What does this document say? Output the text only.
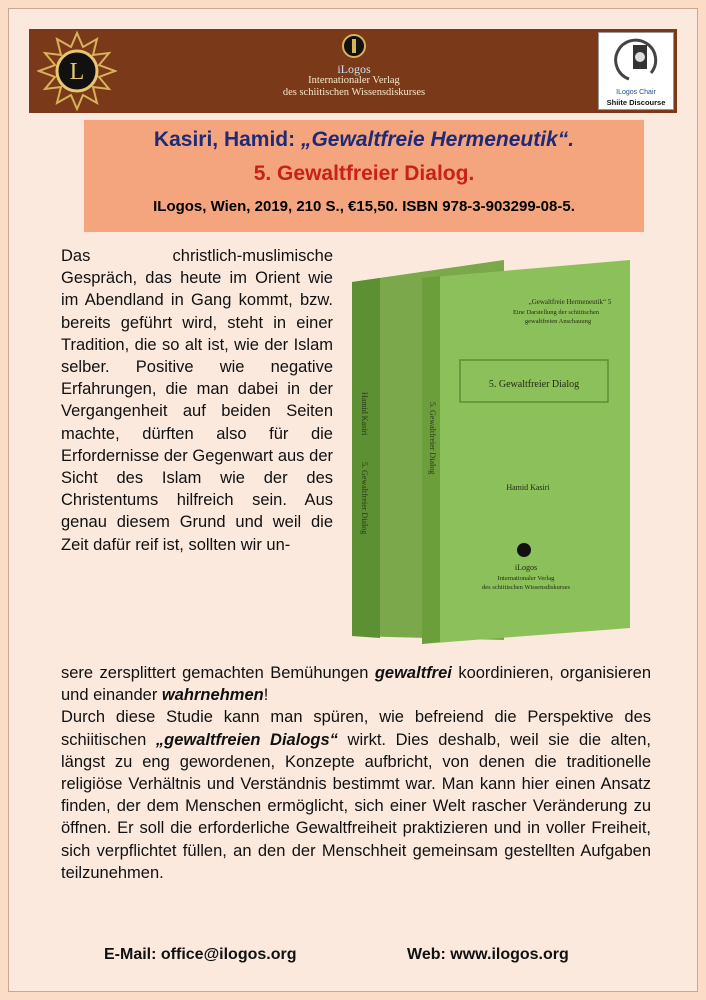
L	iLogos
Internationaler Verlag
des schiitischen Wissensdiskurses	ILogos Chair
Shiite Discourse
Kasiri, Hamid: „Gewaltfreie Hermeneutik“.
5. Gewaltfreier Dialog.
ILogos, Wien, 2019, 210 S., €15,50. ISBN 978-3-903299-08-5.

Das christlich-muslimische Gespräch, das heute im Orient wie im Abendland in Gang kommt, bzw. bereits geführt wird, steht in einer Tradition, die so alt ist, wie der Islam selber. Positive wie negative Erfahrungen, die man dabei in der Vergangenheit auf beiden Seiten machte, dürften also für die Erfordernisse der Gegenwart aus der Sicht des Islam wie der des Christentums hilfreich sein. Aus genau diesem Grund und weil die Zeit dafür reif ist, sollten wir un-

Hamid Kasiri
5. Gewaltfreier Dialog
5. Gewaltfreier Dialog
„Gewaltfreie Hermeneutik“ 5
Eine Darstellung der schiitischen
gewaltfreien Anschauung
5. Gewaltfreier Dialog
Hamid Kasiri
iLogos
Internationaler Verlag
des schiitischen Wissensdiskurses
sere zersplittert gemachten Bemühungen gewaltfrei koordinieren, organisieren und einander wahrnehmen!
Durch diese Studie kann man spüren, wie befreiend die Perspektive des schiitischen „gewaltfreien Dialogs“ wirkt. Dies deshalb, weil sie die alten, längst zu eng gewordenen, Konzepte aufbricht, von denen die traditionelle religiöse Verhältnis und Verständnis bestimmt war. Man kann hier einen Ansatz finden, der dem Menschen ermöglicht, sich einer Welt rascher Veränderung zu öffnen. Er soll die erforderliche Gewaltfreiheit praktizieren und in voller Freiheit, sich verpflichtet füllen, an den der Menschheit gemeinsam gestellten Aufgaben teilzunehmen.
E-Mail: office@ilogos.org	Web: www.ilogos.org
